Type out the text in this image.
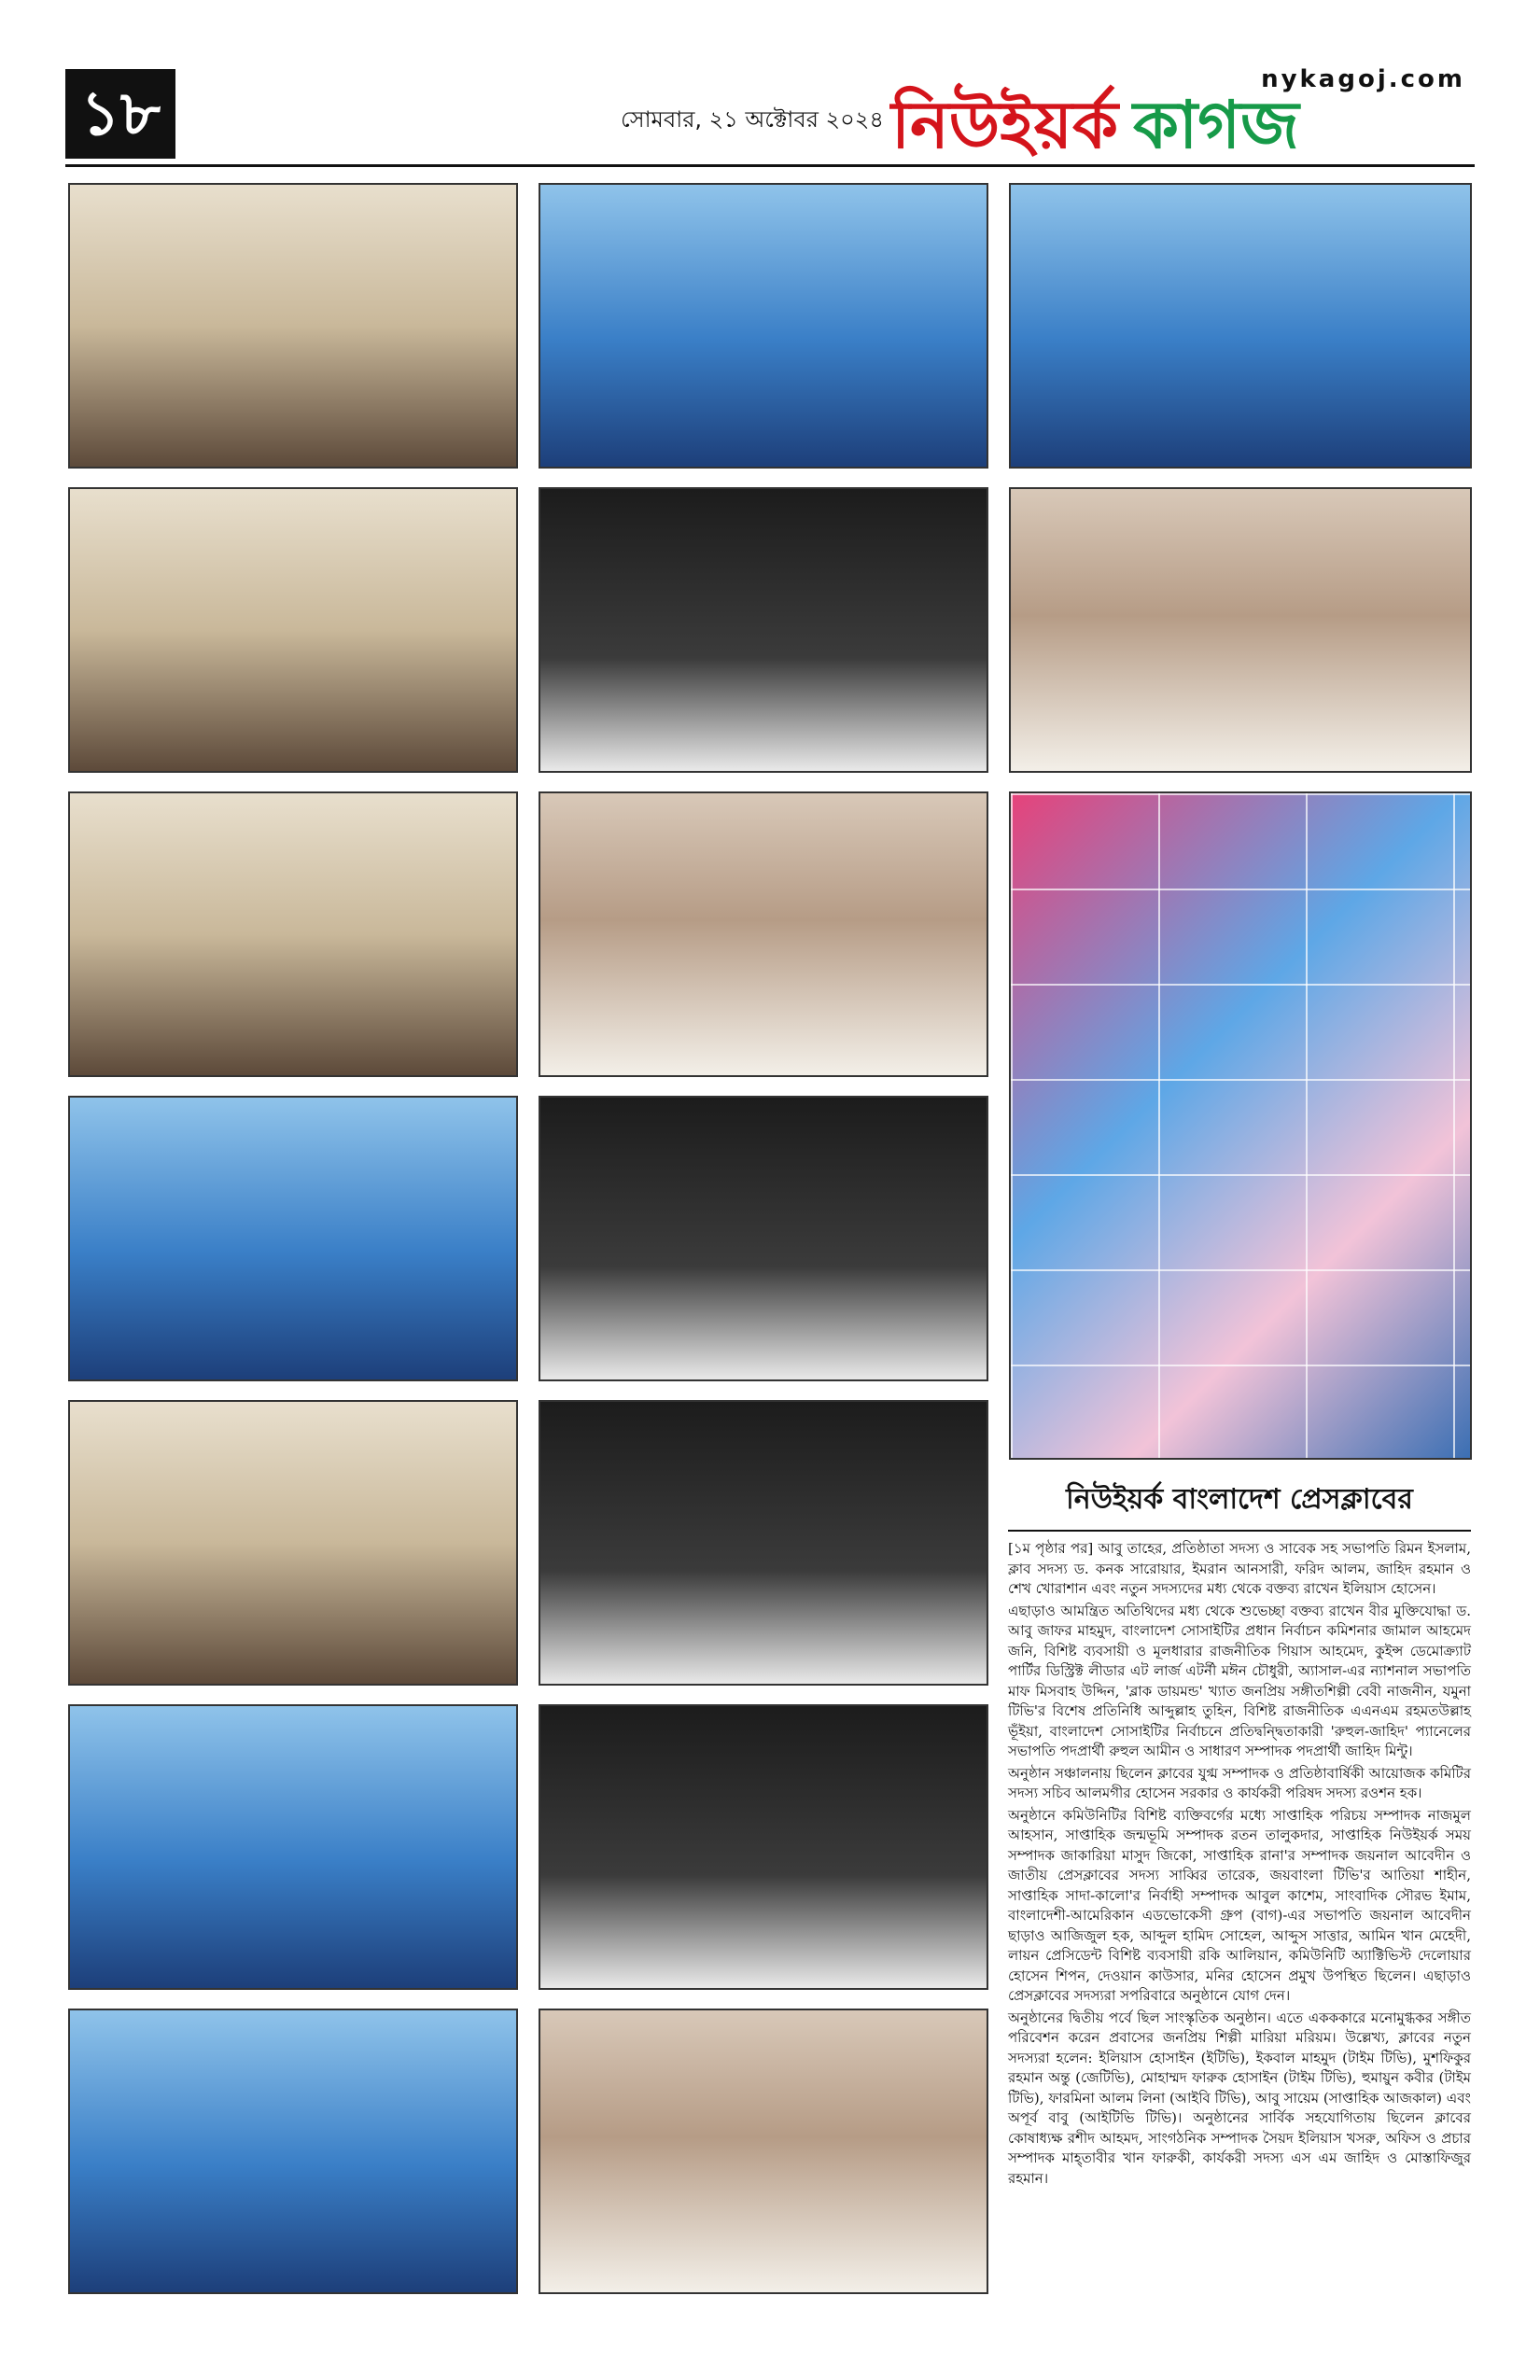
১৮	সোমবার, ২১ অক্টোবর ২০২৪
nykagoj.com
নিউইয়র্ক কাগজ
নিউইয়র্ক বাংলাদেশ প্রেসক্লাবের

[১ম পৃষ্ঠার পর] আবু তাহের, প্রতিষ্ঠাতা সদস্য ও সাবেক সহ সভাপতি রিমন ইসলাম, ক্লাব সদস্য ড. কনক সারোয়ার, ইমরান আনসারী, ফরিদ আলম, জাহিদ রহমান ও শেখ খোরাশান এবং নতুন সদস্যদের মধ্য থেকে বক্তব্য রাখেন ইলিয়াস হোসেন।

এছাড়াও আমন্ত্রিত অতিথিদের মধ্য থেকে শুভেচ্ছা বক্তব্য রাখেন বীর মুক্তিযোদ্ধা ড. আবু জাফর মাহমুদ, বাংলাদেশ সোসাইটির প্রধান নির্বাচন কমিশনার জামাল আহমেদ জনি, বিশিষ্ট ব্যবসায়ী ও মূলধারার রাজনীতিক গিয়াস আহমেদ, কুইন্স ডেমোক্র্যাট পার্টির ডিস্ট্রিক্ট লীডার এট লার্জ এটর্নী মঈন চৌধুরী, অ্যাসাল-এর ন্যাশনাল সভাপতি মাফ মিসবাহ উদ্দিন, 'ব্লাক ডায়মন্ড' খ্যাত জনপ্রিয় সঙ্গীতশিল্পী বেবী নাজনীন, যমুনা টিভি'র বিশেষ প্রতিনিধি আব্দুল্লাহ তুহিন, বিশিষ্ট রাজনীতিক এএনএম রহমতউল্লাহ ভূঁইয়া, বাংলাদেশ সোসাইটির নির্বাচনে প্রতিদ্বন্দ্বিতাকারী 'রুহুল-জাহিদ' প্যানেলের সভাপতি পদপ্রার্থী রুহুল আমীন ও সাধারণ সম্পাদক পদপ্রার্থী জাহিদ মিন্টু।

অনুষ্ঠান সঞ্চালনায় ছিলেন ক্লাবের যুগ্ম সম্পাদক ও প্রতিষ্ঠাবার্ষিকী আয়োজক কমিটির সদস্য সচিব আলমগীর হোসেন সরকার ও কার্যকরী পরিষদ সদস্য রওশন হক।

অনুষ্ঠানে কমিউনিটির বিশিষ্ট ব্যক্তিবর্গের মধ্যে সাপ্তাহিক পরিচয় সম্পাদক নাজমুল আহসান, সাপ্তাহিক জন্মভূমি সম্পাদক রতন তালুকদার, সাপ্তাহিক নিউইয়র্ক সময় সম্পাদক জাকারিয়া মাসুদ জিকো, সাপ্তাহিক রানা'র সম্পাদক জয়নাল আবেদীন ও জাতীয় প্রেসক্লাবের সদস্য সাব্বির তারেক, জয়বাংলা টিভি'র আতিয়া শাহীন, সাপ্তাহিক সাদা-কালো'র নির্বাহী সম্পাদক আবুল কাশেম, সাংবাদিক সৌরভ ইমাম, বাংলাদেশী-আমেরিকান এডভোকেসী গ্রুপ (বাগ)-এর সভাপতি জয়নাল আবেদীন ছাড়াও আজিজুল হক, আব্দুল হামিদ সোহেল, আব্দুস সাত্তার, আমিন খান মেহেদী, লায়ন প্রেসিডেন্ট বিশিষ্ট ব্যবসায়ী রকি আলিয়ান, কমিউনিটি অ্যাক্টিভিস্ট দেলোয়ার হোসেন শিপন, দেওয়ান কাউসার, মনির হোসেন প্রমুখ উপস্থিত ছিলেন। এছাড়াও প্রেসক্লাবের সদস্যরা সপরিবারে অনুষ্ঠানে যোগ দেন।

অনুষ্ঠানের দ্বিতীয় পর্বে ছিল সাংস্কৃতিক অনুষ্ঠান। এতে একককারে মনোমুগ্ধকর সঙ্গীত পরিবেশন করেন প্রবাসের জনপ্রিয় শিল্পী মারিয়া মরিয়ম। উল্লেখ্য, ক্লাবের নতুন সদস্যরা হলেন: ইলিয়াস হোসাইন (ইটিভি), ইকবাল মাহমুদ (টাইম টিভি), মুশফিকুর রহমান অন্তু (জেটিভি), মোহাম্মদ ফারুক হোসাইন (টাইম টিভি), হুমায়ুন কবীর (টাইম টিভি), ফারমিনা আলম লিনা (আইবি টিভি), আবু সায়েম (সাপ্তাহিক আজকাল) এবং অপূর্ব বাবু (আইটিভি টিভি)। অনুষ্ঠানের সার্বিক সহযোগিতায় ছিলেন ক্লাবের কোষাধ্যক্ষ রশীদ আহমদ, সাংগঠনিক সম্পাদক সৈয়দ ইলিয়াস খসরু, অফিস ও প্রচার সম্পাদক মাহ্তাবীর খান ফারুকী, কার্যকরী সদস্য এস এম জাহিদ ও মোস্তাফিজুর রহমান।
